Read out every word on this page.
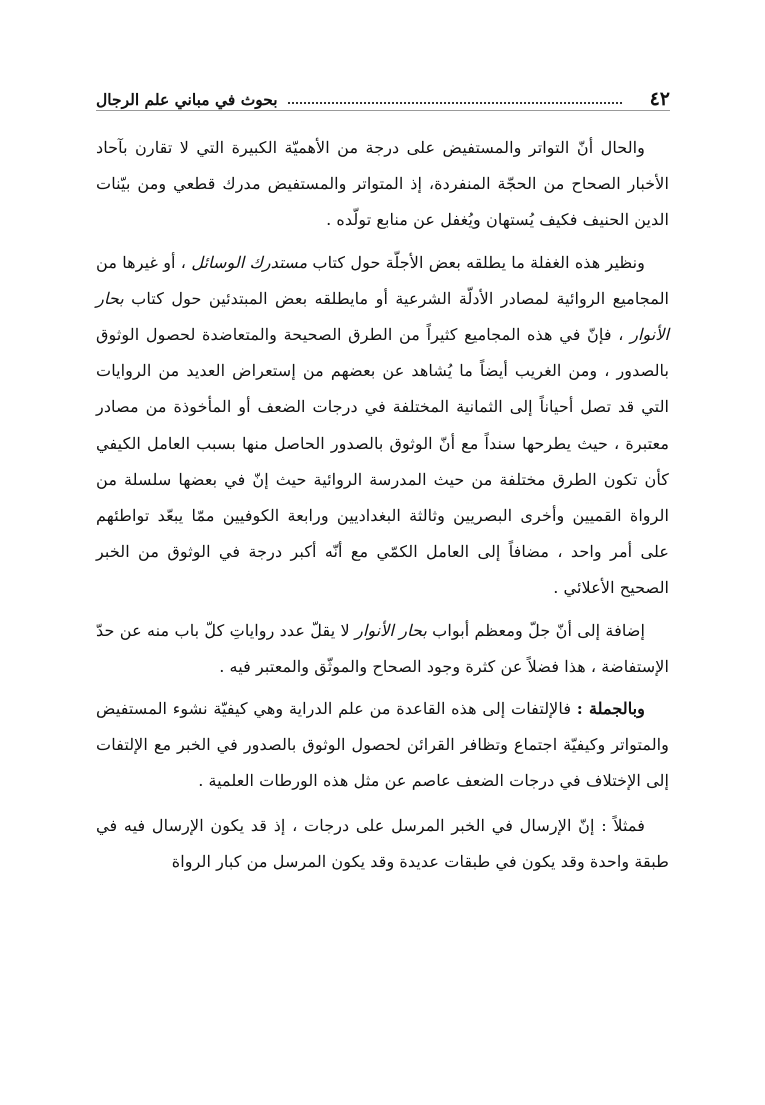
٤٢
بحوث في مباني علم الرجال

والحال أنّ التواتر والمستفيض على درجة من الأهميّة الكبيرة التي لا تقارن بآحاد الأخبار الصحاح من الحجّة المنفردة، إذ المتواتر والمستفيض مدرك قطعي ومن بيّنات الدين الحنيف فكيف يُستهان ويُغفل عن منابع تولّده .

ونظير هذه الغفلة ما يطلقه بعض الأجلّة حول كتاب مستدرك الوسائل ، أو غيرها من المجاميع الروائية لمصادر الأدلّة الشرعية أو مايطلقه بعض المبتدئين حول كتاب بحار الأنوار ، فإنّ في هذه المجاميع كثيراً من الطرق الصحيحة والمتعاضدة لحصول الوثوق بالصدور ، ومن الغريب أيضاً ما يُشاهد عن بعضهم من إستعراض العديد من الروايات التي قد تصل أحياناً إلى الثمانية المختلفة في درجات الضعف أو المأخوذة من مصادر معتبرة ، حيث يطرحها سنداً مع أنّ الوثوق بالصدور الحاصل منها بسبب العامل الكيفي كأن تكون الطرق مختلفة من حيث المدرسة الروائية حيث إنّ في بعضها سلسلة من الرواة القميين وأخرى البصريين وثالثة البغداديين ورابعة الكوفيين ممّا يبعّد تواطئهم على أمر واحد ، مضافاً إلى العامل الكمّي مع أنّه أكبر درجة في الوثوق من الخبر الصحيح الأعلائي .

إضافة إلى أنّ جلّ ومعظم أبواب بحار الأنوار لا يقلّ عدد رواياتِ كلّ باب منه عن حدّ الإستفاضة ، هذا فضلاً عن كثرة وجود الصحاح والموثّق والمعتبر فيه .

وبالجملة : فالإلتفات إلى هذه القاعدة من علم الدراية وهي كيفيّة نشوء المستفيض والمتواتر وكيفيّة اجتماع وتظافر القرائن لحصول الوثوق بالصدور في الخبر مع الإلتفات إلى الإختلاف في درجات الضعف عاصم عن مثل هذه الورطات العلمية .

فمثلاً : إنّ الإرسال في الخبر المرسل على درجات ، إذ قد يكون الإرسال فيه في طبقة واحدة وقد يكون في طبقات عديدة وقد يكون المرسل من كبار الرواة
